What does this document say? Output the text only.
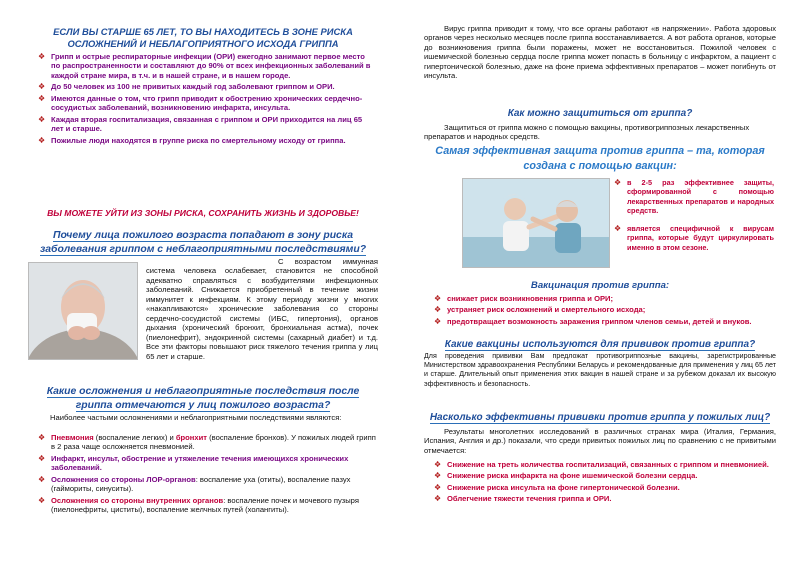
ЕСЛИ ВЫ СТАРШЕ 65 ЛЕТ, ТО ВЫ НАХОДИТЕСЬ В ЗОНЕ РИСКА ОСЛОЖНЕНИЙ И НЕБЛАГОПРИЯТНОГО ИСХОДА ГРИППА
❖ Грипп и острые респираторные инфекции (ОРИ) ежегодно занимают первое место по распространенности и составляют до 90% от всех инфекционных заболеваний в каждой стране мира, в т.ч. и в нашей стране, и в нашем городе.
❖ До 50 человек из 100 не привитых каждый год заболевают гриппом и ОРИ.
❖ Имеются данные о том, что грипп приводит к обострению хронических сердечно-сосудистых заболеваний, возникновению инфаркта, инсульта.
❖ Каждая вторая госпитализация, связанная с гриппом и ОРИ приходится на лиц 65 лет и старше.
❖ Пожилые люди находятся в группе риска по смертельному исходу от гриппа.
ВЫ МОЖЕТЕ УЙТИ ИЗ ЗОНЫ РИСКА, СОХРАНИТЬ ЖИЗНЬ И ЗДОРОВЬЕ!
Почему лица пожилого возраста попадают в зону риска заболевания гриппом с неблагоприятными последствиями?
С возрастом иммунная система человека ослабевает, становится не способной адекватно справляться с возбудителями инфекционных заболеваний. Снижается приобретенный в течение жизни иммунитет к инфекциям. К этому периоду жизни у многих «накапливаются» хронические заболевания со стороны сердечно-сосудистой системы (ИБС, гипертония), органов дыхания (хронический бронхит, бронхиальная астма), почек (пиелонефрит), эндокринной системы (сахарный диабет) и т.д. Все эти факторы повышают риск тяжелого течения гриппа у лиц 65 лет и старше.
Какие осложнения и неблагоприятные последствия после гриппа отмечаются у лиц пожилого возраста?
Наиболее частыми осложнениями и неблагоприятными последствиями являются:
❖ Пневмония (воспаление легких) и бронхит (воспаление бронхов). У пожилых людей грипп в 2 раза чаще осложняется пневмонией.
❖ Инфаркт, инсульт, обострение и утяжеление течения имеющихся хронических заболеваний.
❖ Осложнения со стороны ЛОР-органов: воспаление уха (отиты), воспаление пазух (гаймориты, синуситы).
❖ Осложнения со стороны внутренних органов: воспаление почек и мочевого пузыря (пиелонефриты, циститы), воспаление желчных путей (холангиты).
Вирус гриппа приводит к тому, что все органы работают «в напряжении». Работа здоровых органов через несколько месяцев после гриппа восстанавливается. А вот работа органов, которые до возникновения гриппа были поражены, может не восстановиться. Пожилой человек с ишемической болезнью сердца после гриппа может попасть в больницу с инфарктом, а пациент с гипертонической болезнью, даже на фоне приема эффективных препаратов – может погибнуть от инсульта.
Как можно защититься от гриппа?
Защититься от гриппа можно с помощью вакцины, противогриппозных лекарственных препаратов и народных средств.
Самая эффективная защита против гриппа – та, которая создана с помощью вакцин:
❖ в 2-5 раз эффективнее защиты, сформированной с помощью лекарственных препаратов и народных средств.
❖ является специфичной к вирусам гриппа, которые будут циркулировать именно в этом сезоне.
Вакцинация против гриппа:
❖ снижает риск возникновения гриппа и ОРИ;
❖ устраняет риск осложнений и смертельного исхода;
❖ предотвращает возможность заражения гриппом членов семьи, детей и внуков.
Какие вакцины используются для прививок против гриппа?
Для проведения прививки Вам предложат противогриппозные вакцины, зарегистрированные Министерством здравоохранения Республики Беларусь и рекомендованные для применения у лиц 65 лет и старше. Длительный опыт применения этих вакцин в нашей стране и за рубежом доказал их высокую эффективность и безопасность.
Насколько эффективны прививки против гриппа у пожилых лиц?
Результаты многолетних исследований в различных странах мира (Италия, Германия, Испания, Англия и др.) показали, что среди привитых пожилых лиц по сравнению с не привитыми отмечается:
❖ Снижение на треть количества госпитализаций, связанных с гриппом и пневмонией.
❖ Снижение риска инфаркта на фоне ишемической болезни сердца.
❖ Снижение риска инсульта на фоне гипертонической болезни.
❖ Облегчение тяжести течения гриппа и ОРИ.
